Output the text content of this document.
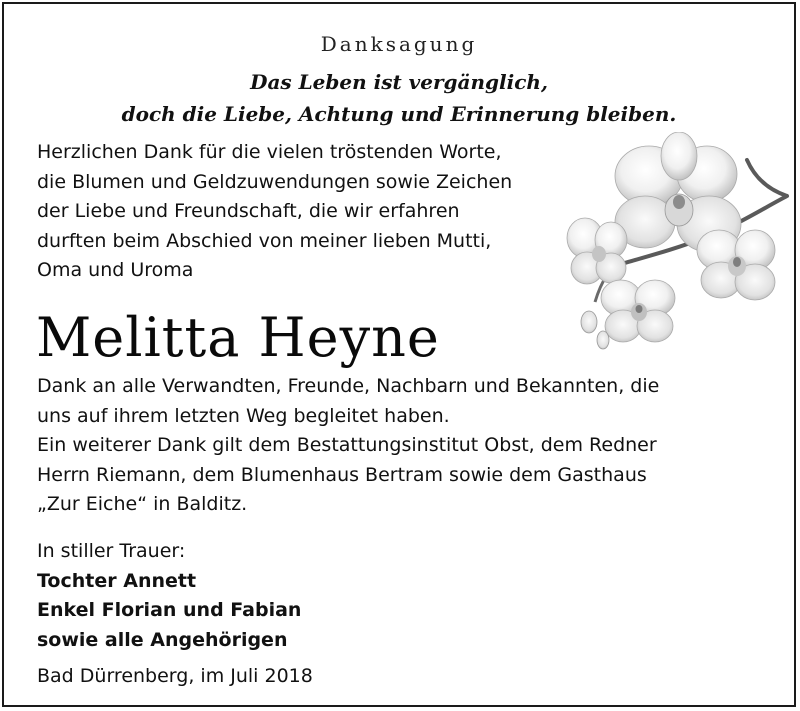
Danksagung
Das Leben ist vergänglich,
doch die Liebe, Achtung und Erinnerung bleiben.
Herzlichen Dank für die vielen tröstenden Worte,
die Blumen und Geldzuwendungen sowie Zeichen
der Liebe und Freundschaft, die wir erfahren
durften beim Abschied von meiner lieben Mutti,
Oma und Uroma
Melitta Heyne
Dank an alle Verwandten, Freunde, Nachbarn und Bekannten, die
uns auf ihrem letzten Weg begleitet haben.
Ein weiterer Dank gilt dem Bestattungsinstitut Obst, dem Redner
Herrn Riemann, dem Blumenhaus Bertram sowie dem Gasthaus
„Zur Eiche“ in Balditz.
In stiller Trauer:
Tochter Annett
Enkel Florian und Fabian
sowie alle Angehörigen
Bad Dürrenberg, im Juli 2018
